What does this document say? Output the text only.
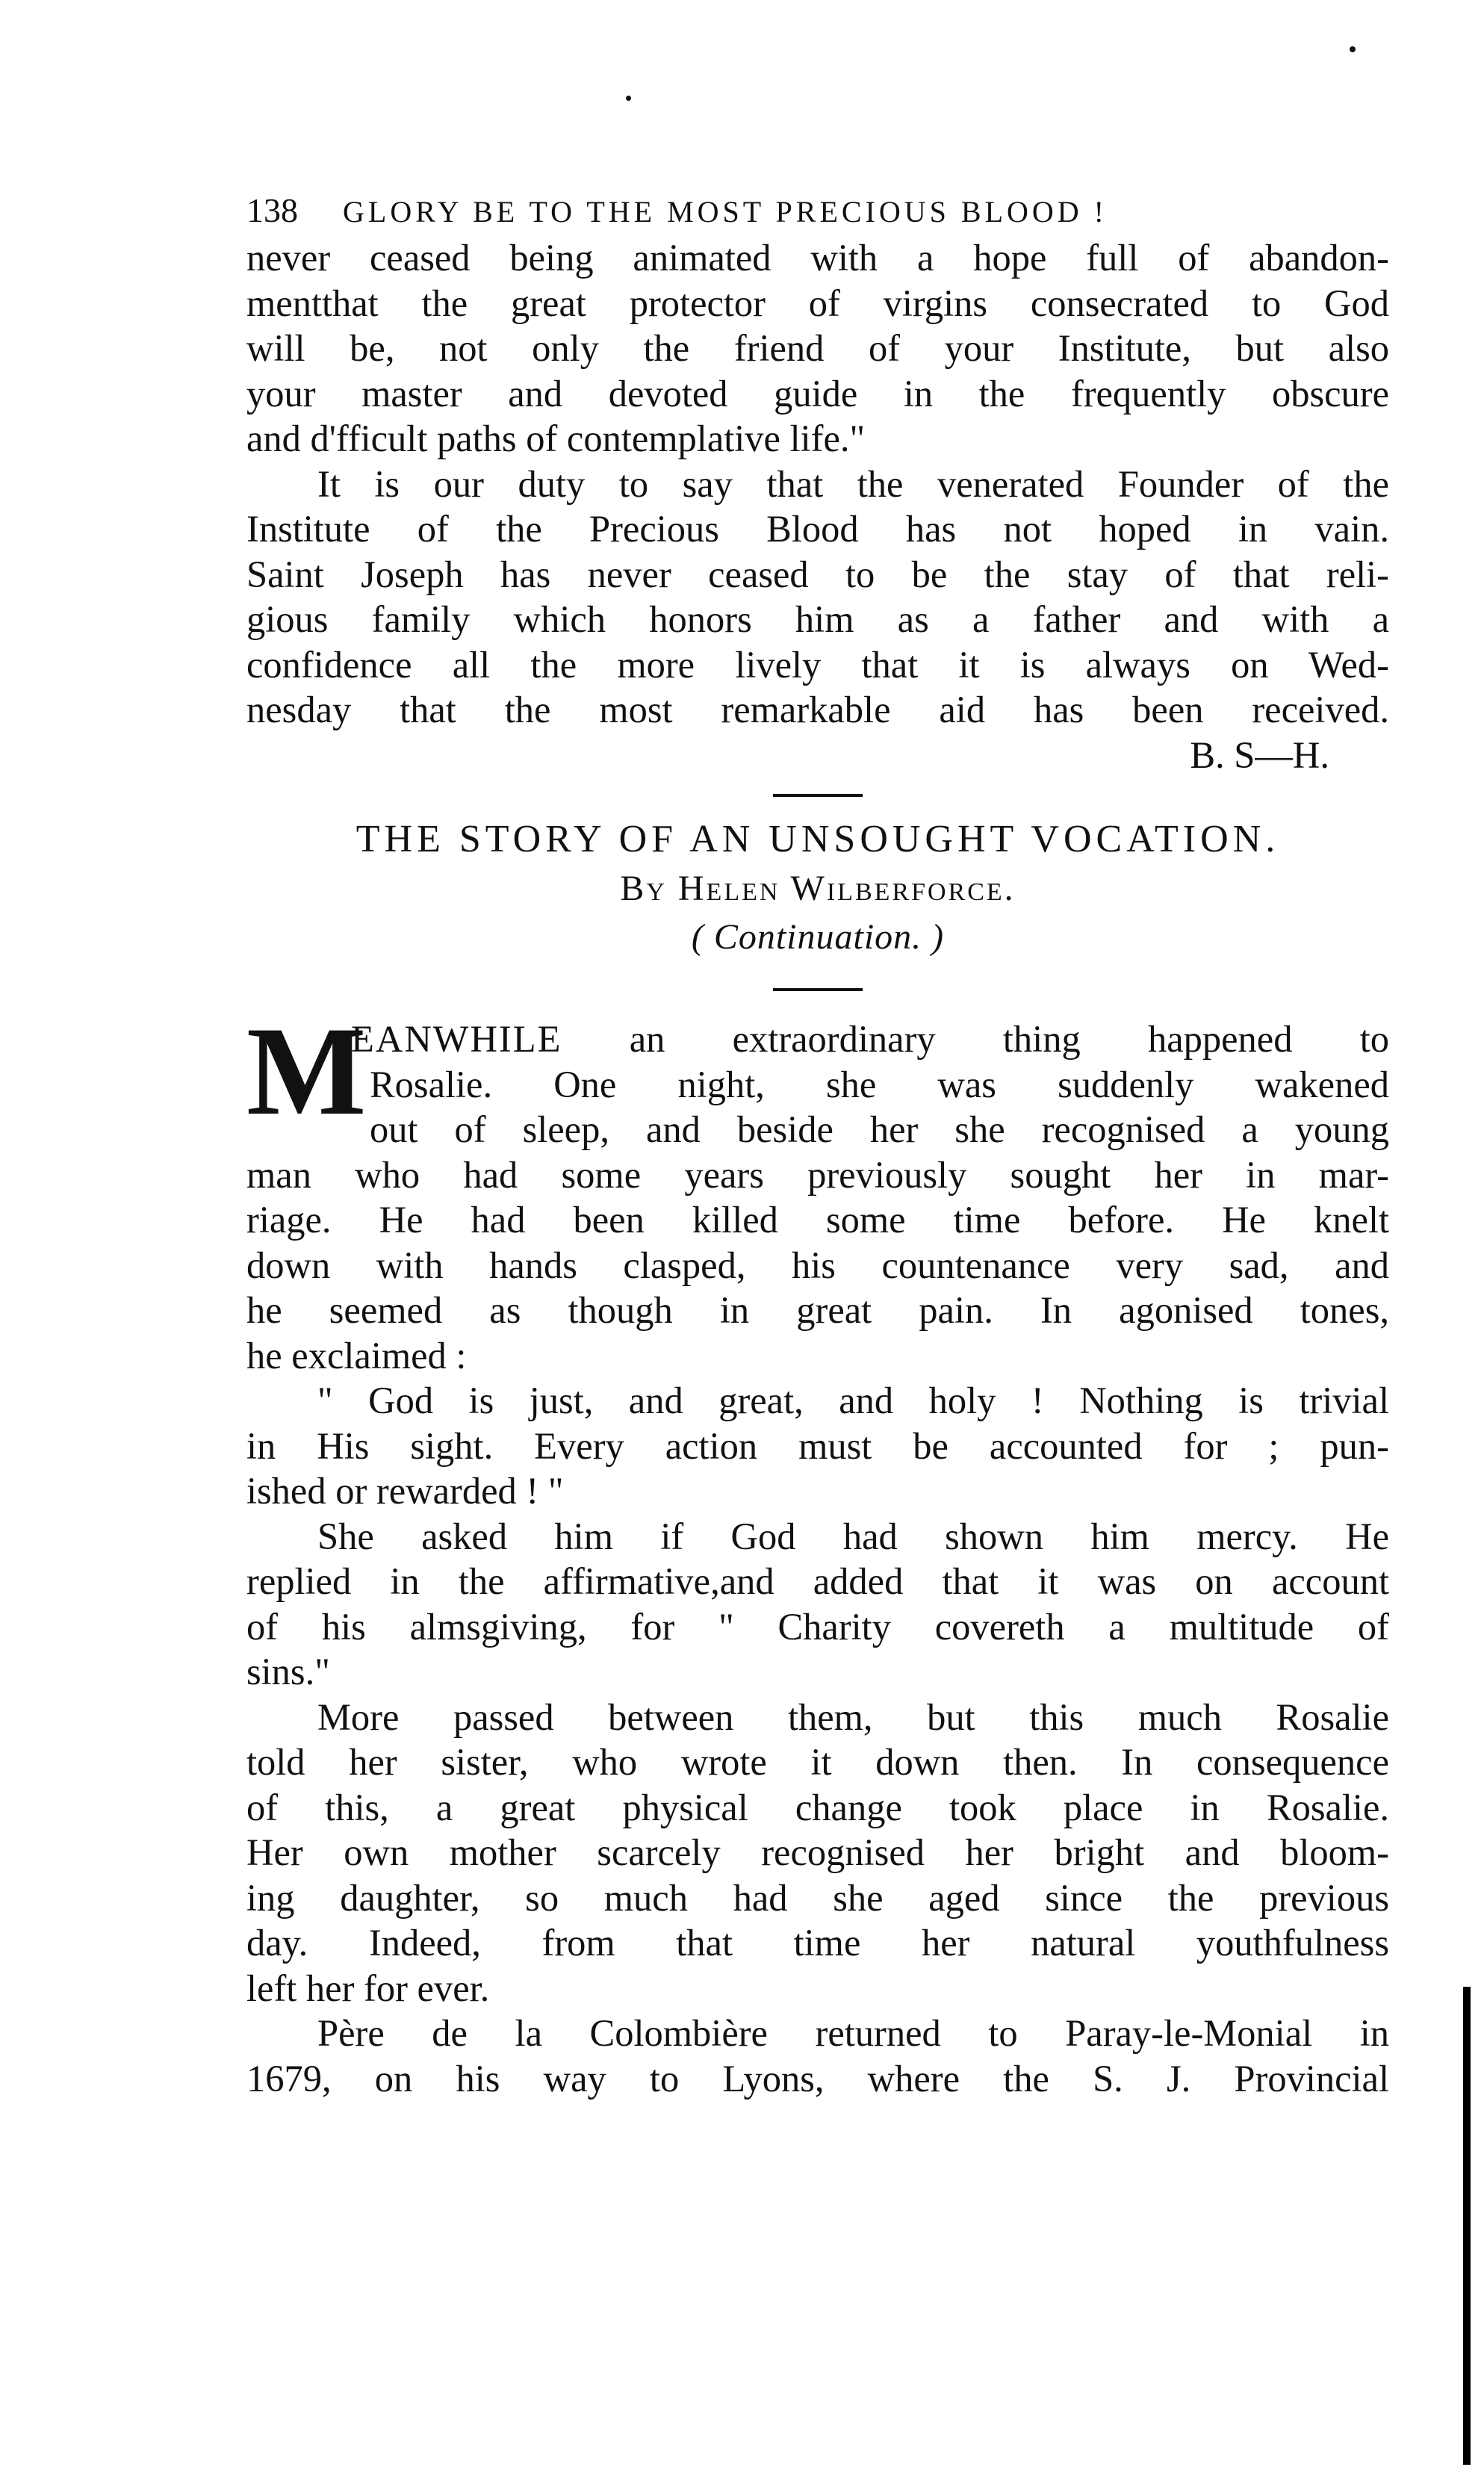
138 GLORY BE TO THE MOST PRECIOUS BLOOD !
never ceased being animated with a hope full of abandon-
mentthat the great protector of virgins consecrated to God
will be, not only the friend of your Institute, but also
your master and devoted guide in the frequently obscure
and d'fficult paths of contemplative life."
It is our duty to say that the venerated Founder of the
Institute of the Precious Blood has not hoped in vain.
Saint Joseph has never ceased to be the stay of that reli-
gious family which honors him as a father and with a
confidence all the more lively that it is always on Wed-
nesday that the most remarkable aid has been received.
B. S—H.
THE STORY OF AN UNSOUGHT VOCATION.
By Helen Wilberforce.
( Continuation. )
M
EANWHILE an extraordinary thing happened to
Rosalie. One night, she was suddenly wakened
out of sleep, and beside her she recognised a young
man who had some years previously sought her in mar-
riage. He had been killed some time before. He knelt
down with hands clasped, his countenance very sad, and
he seemed as though in great pain. In agonised tones,
he exclaimed :
" God is just, and great, and holy ! Nothing is trivial
in His sight. Every action must be accounted for ; pun-
ished or rewarded ! "
She asked him if God had shown him mercy. He
replied in the affirmative,and added that it was on account
of his almsgiving, for " Charity covereth a multitude of
sins."
More passed between them, but this much Rosalie
told her sister, who wrote it down then. In consequence
of this, a great physical change took place in Rosalie.
Her own mother scarcely recognised her bright and bloom-
ing daughter, so much had she aged since the previous
day. Indeed, from that time her natural youthfulness
left her for ever.
Père de la Colombière returned to Paray-le-Monial in
1679, on his way to Lyons, where the S. J. Provincial
